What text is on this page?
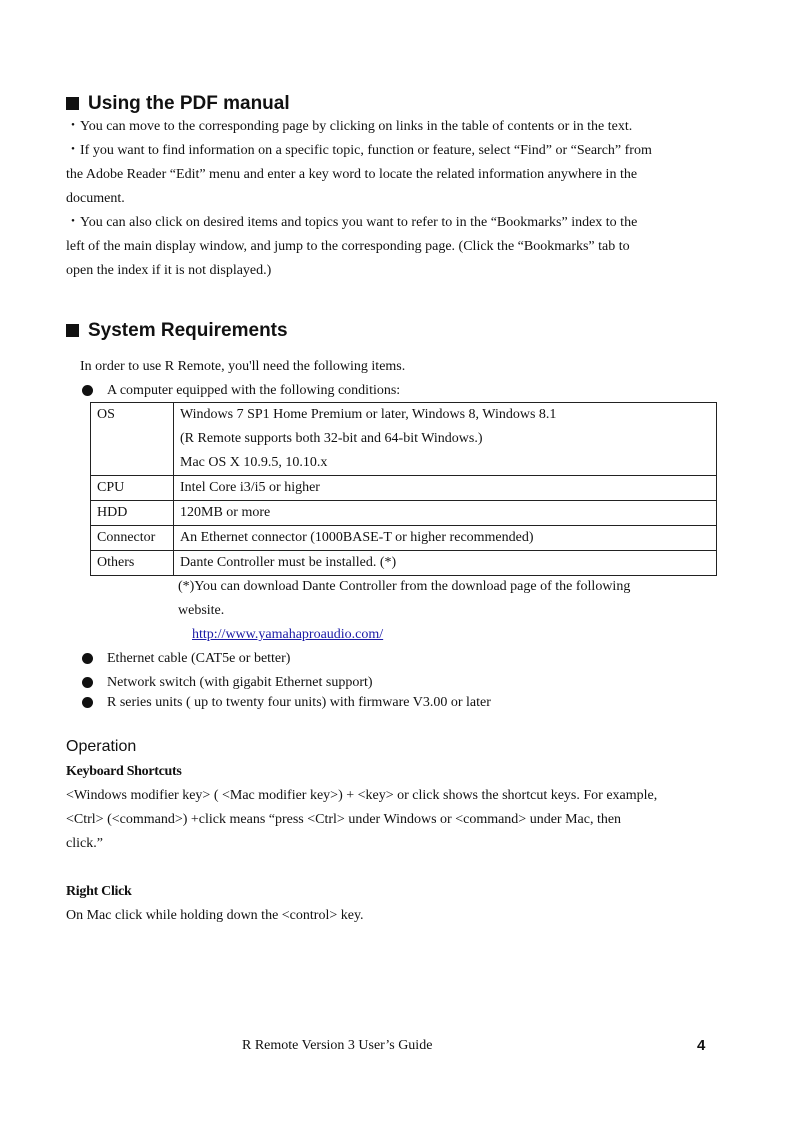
Using the PDF manual
・You can move to the corresponding page by clicking on links in the table of contents or in the text.
・If you want to find information on a specific topic, function or feature, select “Find” or “Search” from
the Adobe Reader “Edit” menu and enter a key word to locate the related information anywhere in the
document.
・You can also click on desired items and topics you want to refer to in the “Bookmarks” index to the
left of the main display window, and jump to the corresponding page. (Click the “Bookmarks” tab to
open the index if it is not displayed.)
System Requirements
In order to use R Remote, you'll need the following items.
A computer equipped with the following conditions:
OS	Windows 7 SP1 Home Premium or later, Windows 8, Windows 8.1
(R Remote supports both 32-bit and 64-bit Windows.)
Mac OS X 10.9.5, 10.10.x

CPU	Intel Core i3/i5 or higher
HDD	120MB or more
Connector	An Ethernet connector (1000BASE-T or higher recommended)
Others	Dante Controller must be installed. (*)
(*)You can download Dante Controller from the download page of the following
website.
http://www.yamahaproaudio.com/
Ethernet cable (CAT5e or better)
Network switch (with gigabit Ethernet support)
R series units ( up to twenty four units) with firmware V3.00 or later
Operation
Keyboard Shortcuts
<Windows modifier key> ( <Mac modifier key>) + <key> or click shows the shortcut keys. For example,
<Ctrl> (<command>) +click means “press <Ctrl> under Windows or <command> under Mac, then
click.”
Right Click
On Mac click while holding down the <control> key.
R Remote Version 3 User’s Guide	4
